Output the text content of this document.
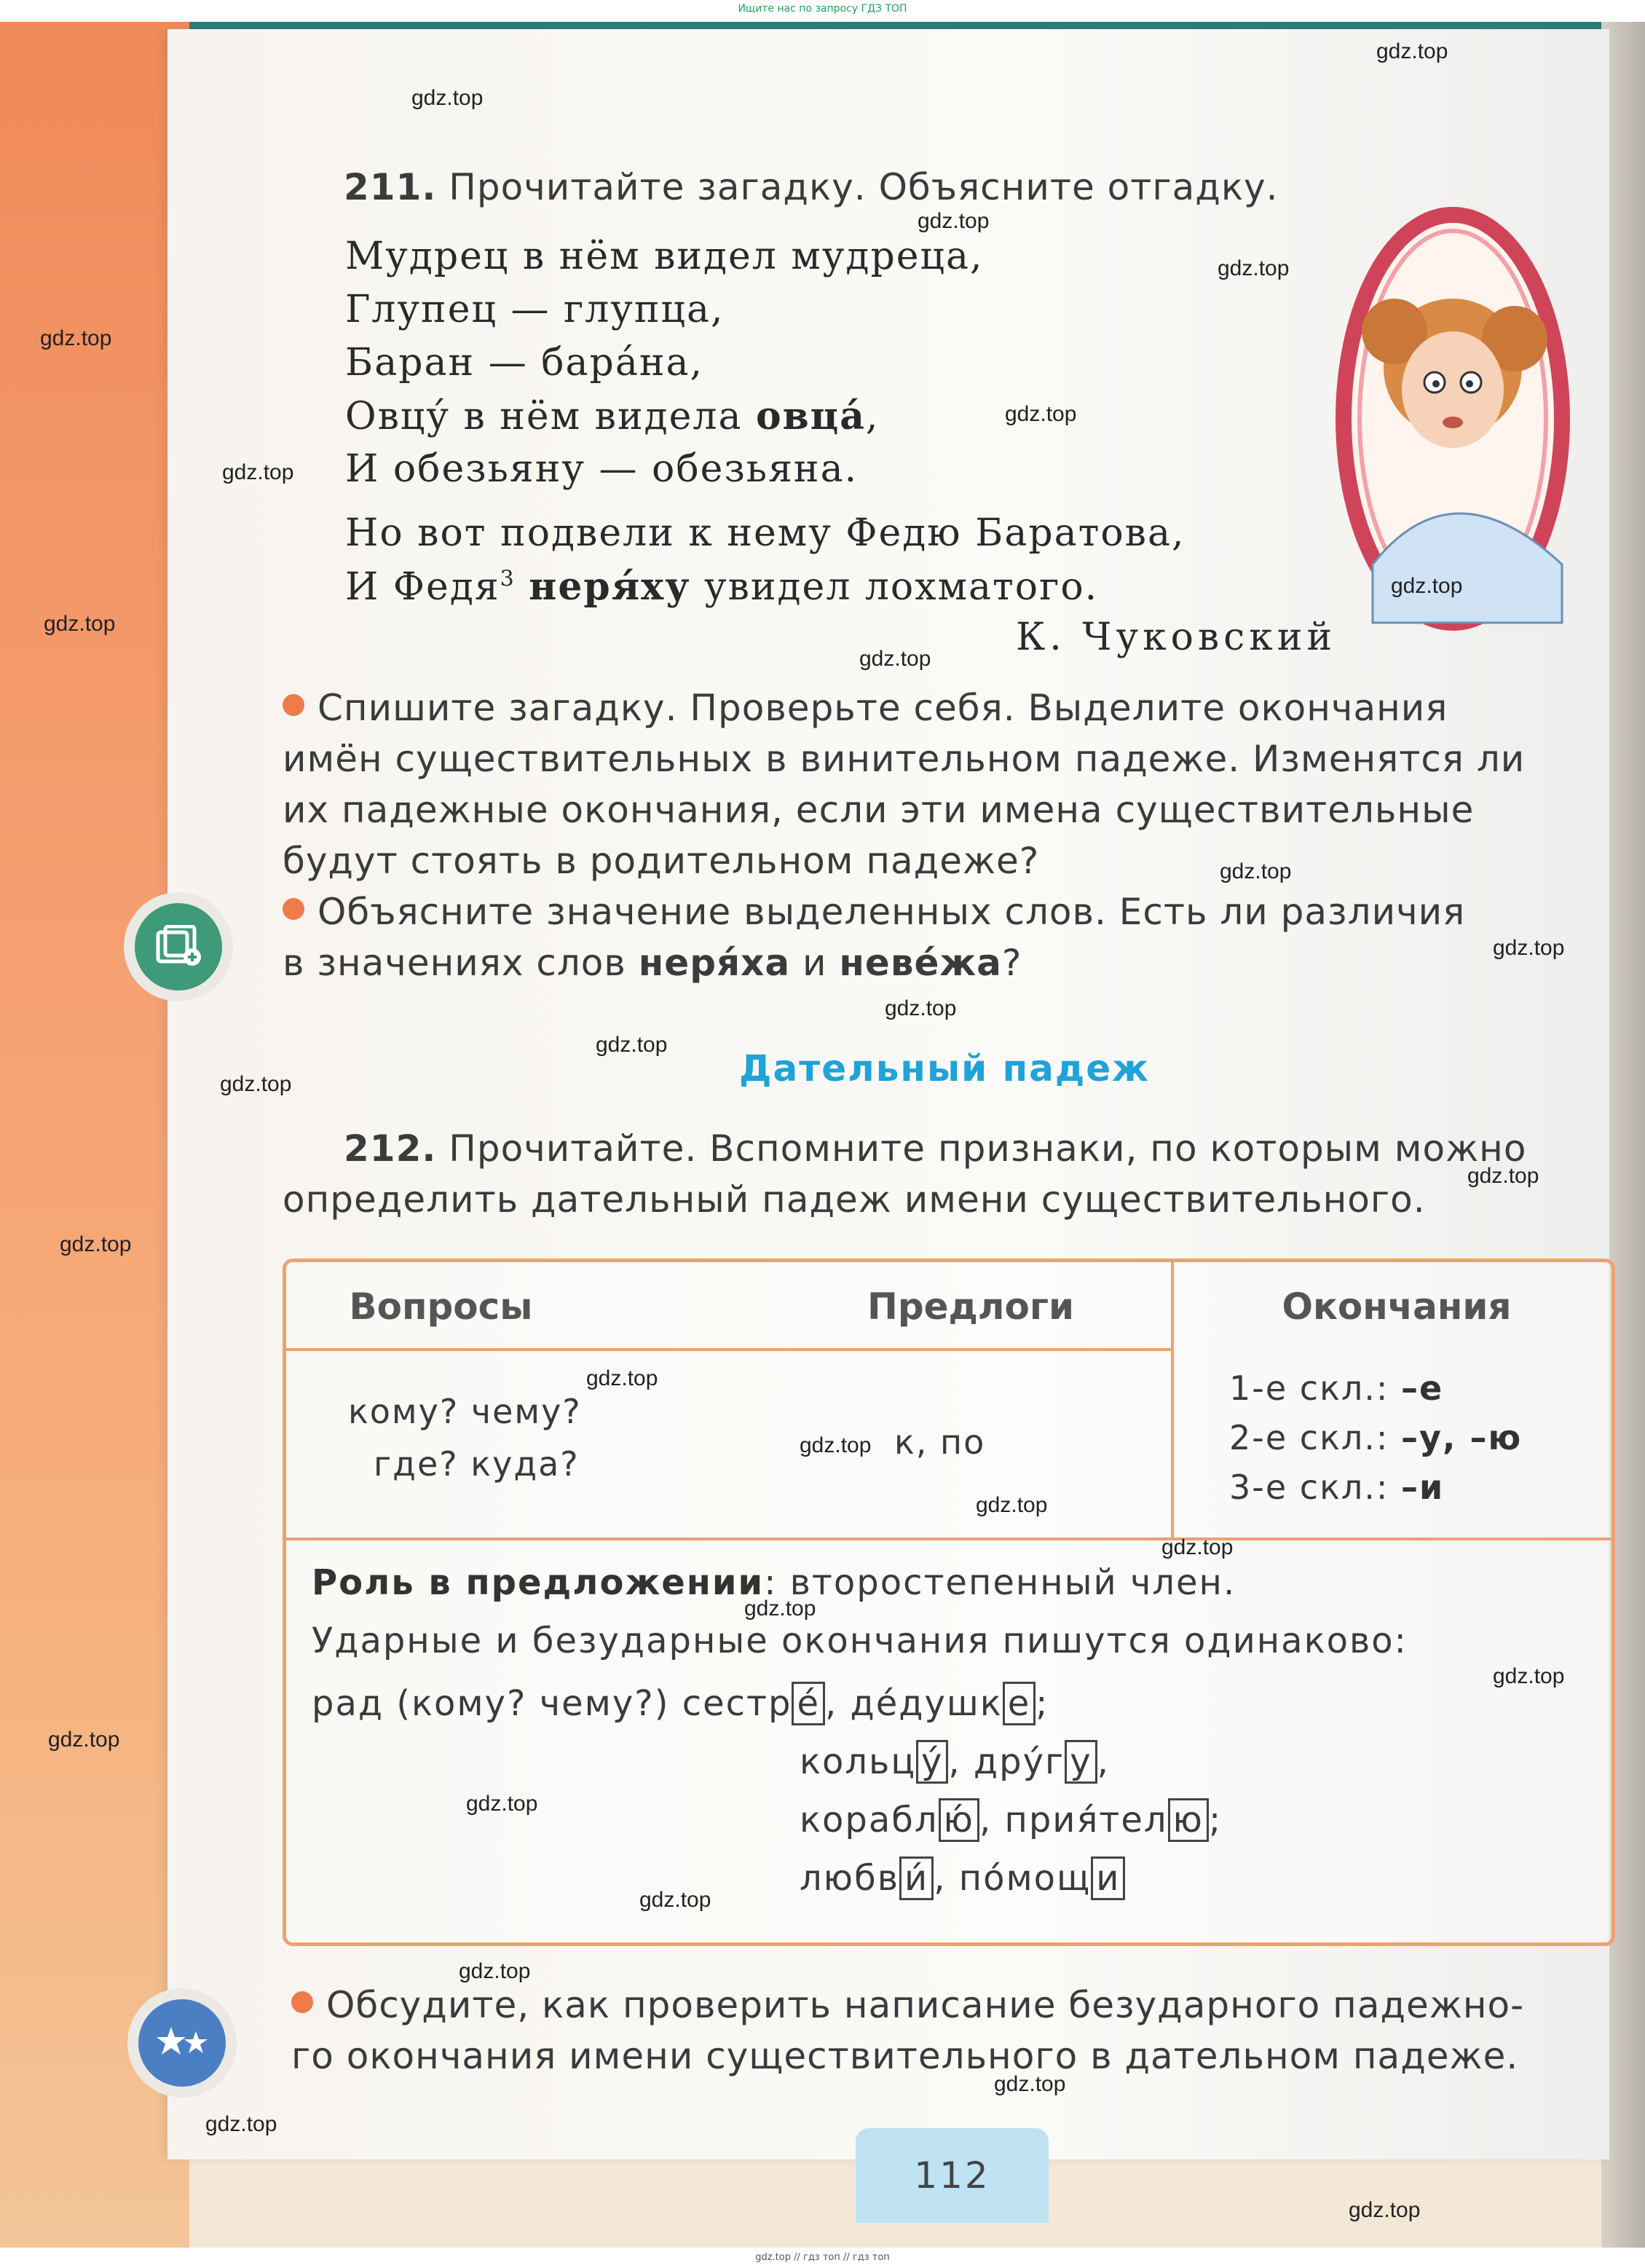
Ищите нас по запросу ГДЗ ТОП
gdz.top // гдз топ // гдз топ
211. Прочитайте загадку. Объясните отгадку.
Мудрец в нём видел мудреца,
Глупец — глупца,
Баран — бара́на,
Овцу́ в нём видела овца́,
И обезьяну — обезьяна.
Но вот подвели к нему Федю Баратова,
И Федя$^3$ неря́ху увидел лохматого.
К. Чуковский
Спишите загадку. Проверьте себя. Выделите окончания
имён существительных в винительном падеже. Изменятся ли
их падежные окончания, если эти имена существительные
будут стоять в родительном падеже?
Объясните значение выделенных слов. Есть ли различия
в значениях слов неря́ха и неве́жа?
Дательный падеж
212. Прочитайте. Вспомните признаки, по которым можно
определить дательный падеж имени существительного.
Вопросы	Предлоги	Окончания
кому? чему?
где? куда?
к, по
1-е скл.: –е
2-е скл.: –у, –ю
3-е скл.: –и
Роль в предложении: второстепенный член.
Ударные и безударные окончания пишутся одинаково:
рад (кому? чему?) сестр е́ , де́душк е ;
кольц у́ , дру́г у ,
корабл ю́ , прия́тел ю ;
любв и́ , по́мощ и
Обсудите, как проверить написание безударного падежно-
го окончания имени существительного в дательном падеже.
112
gdz.top
gdz.top
gdz.top
gdz.top
gdz.top
gdz.top
gdz.top
gdz.top
gdz.top
gdz.top
gdz.top
gdz.top
gdz.top
gdz.top
gdz.top
gdz.top
gdz.top
gdz.top
gdz.top
gdz.top
gdz.top
gdz.top
gdz.top
gdz.top
gdz.top
gdz.top
gdz.top
gdz.top
gdz.top
gdz.top
